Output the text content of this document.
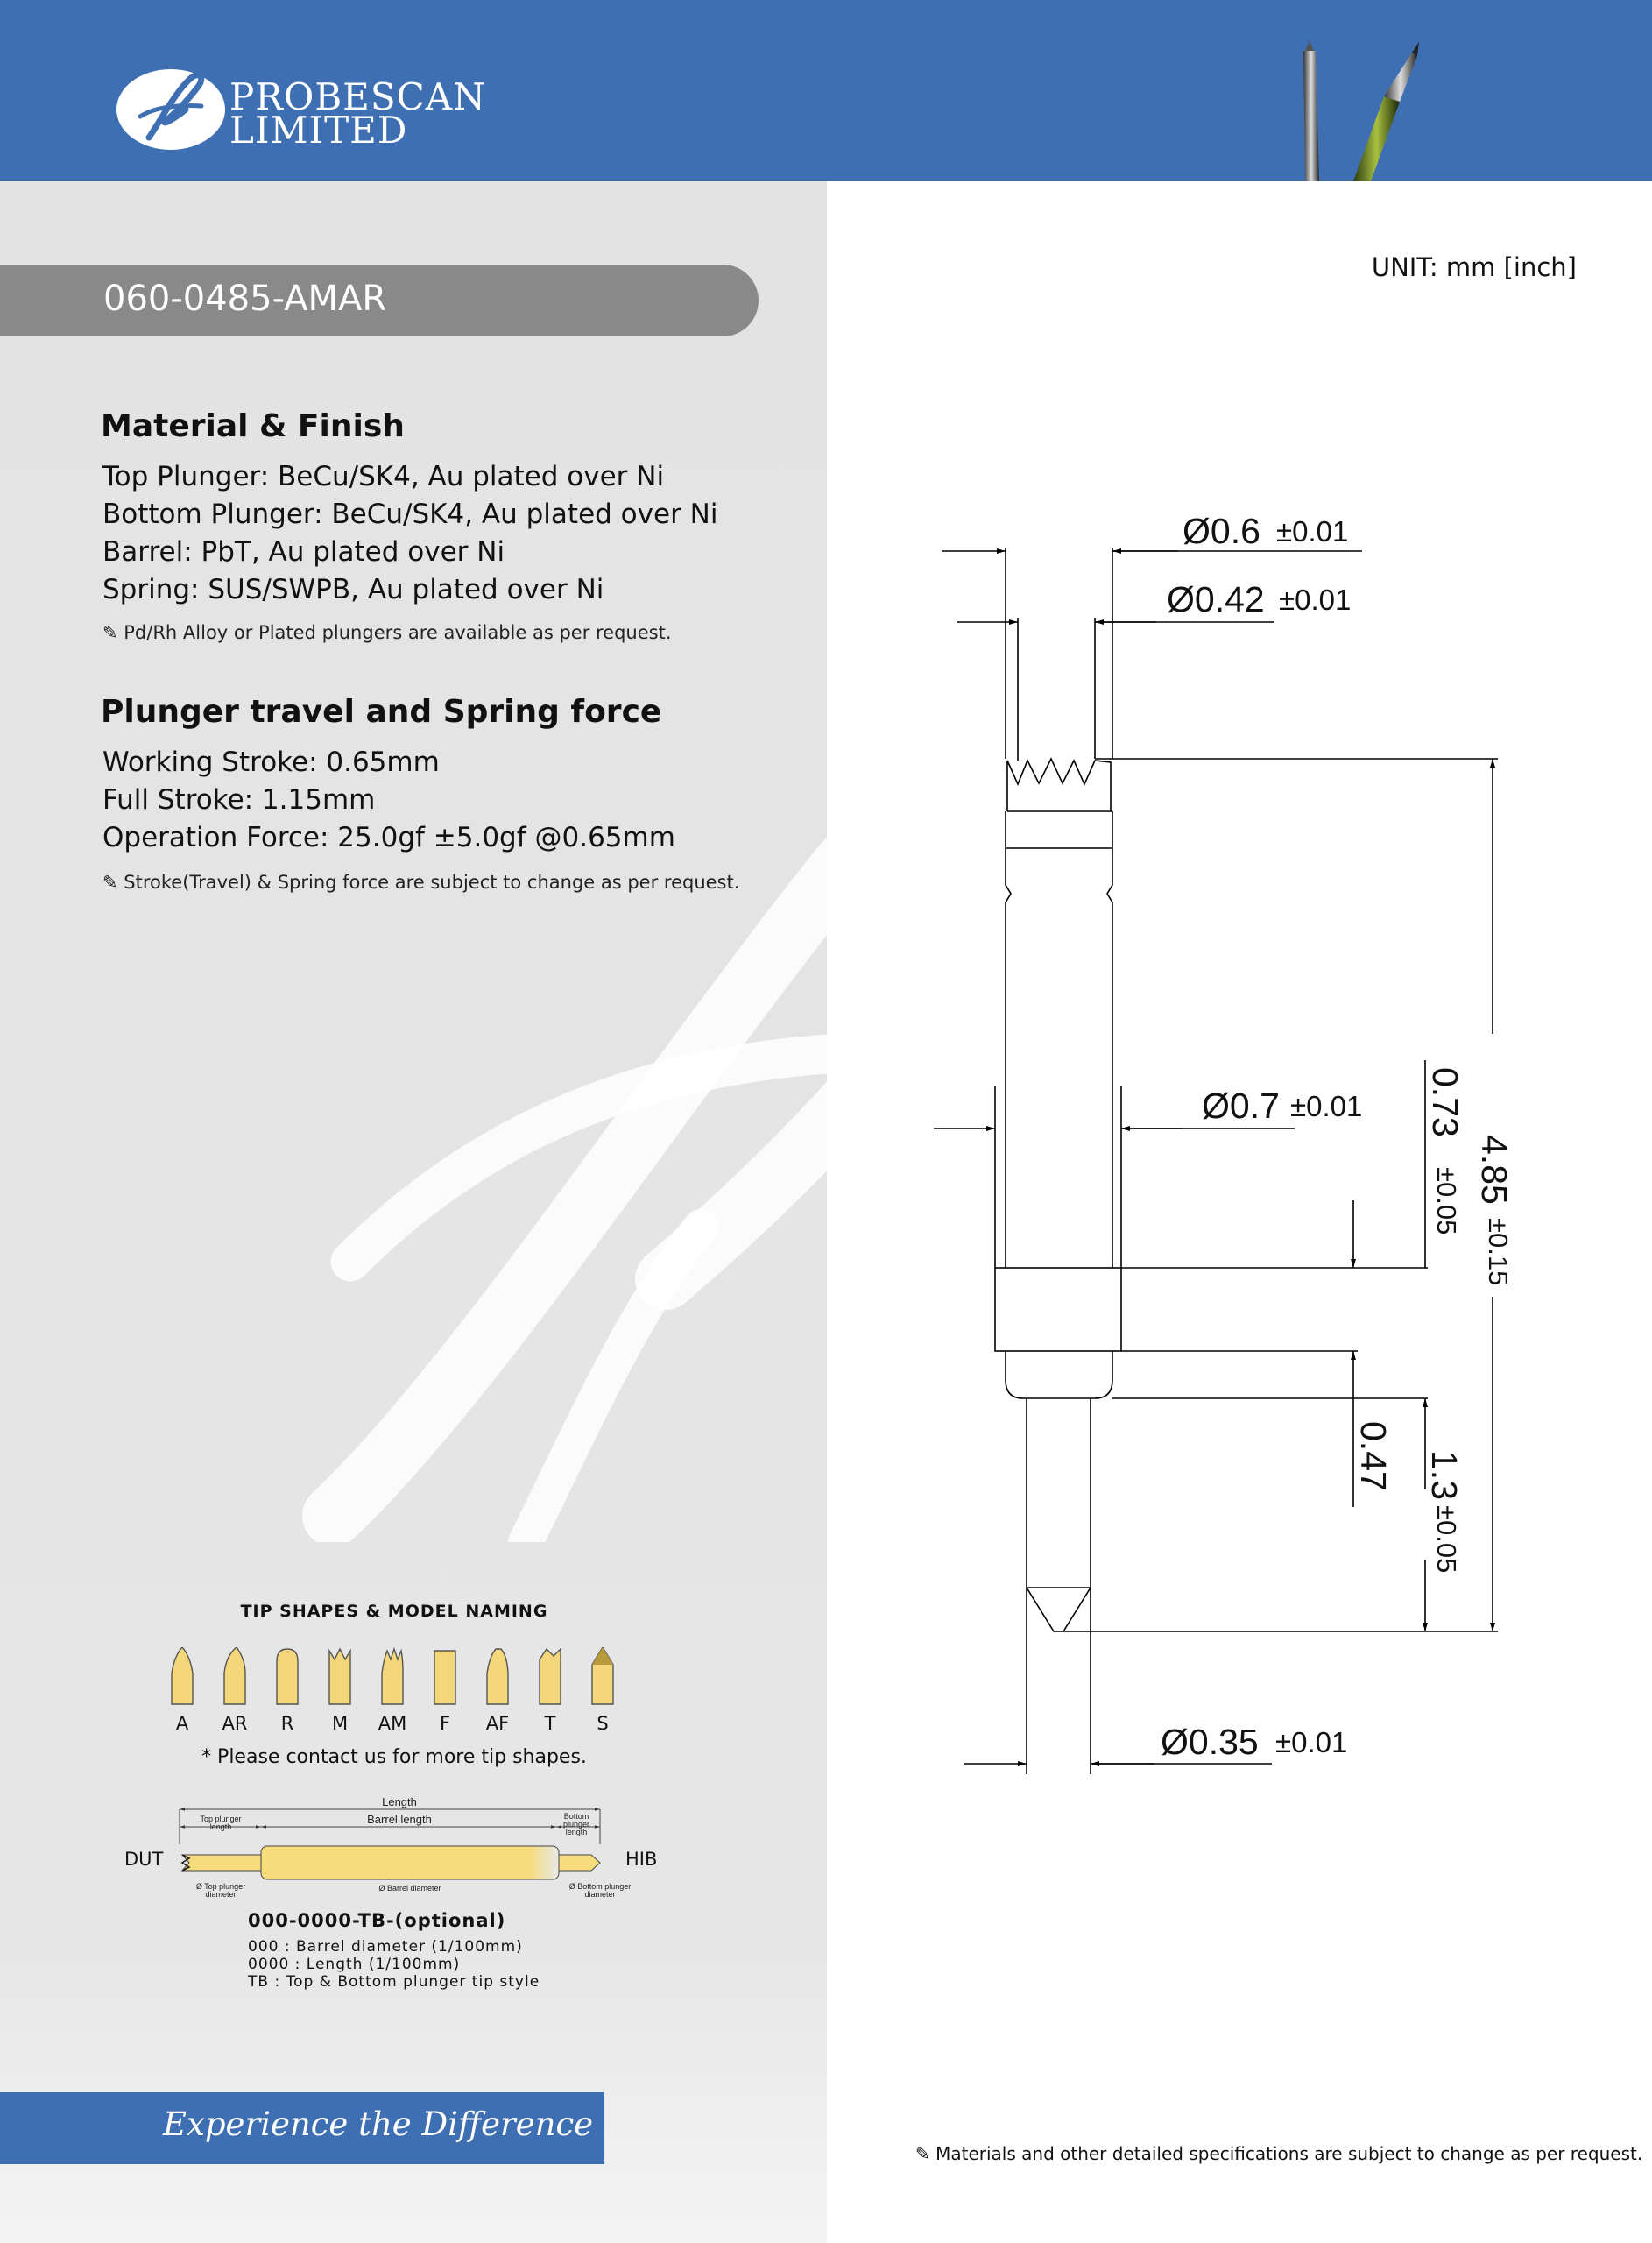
PROBESCAN
LIMITED
060-0485-AMAR
UNIT: mm [inch]
Material & Finish
Top Plunger: BeCu/SK4, Au plated over Ni
Bottom Plunger: BeCu/SK4, Au plated over Ni
Barrel: PbT, Au plated over Ni
Spring: SUS/SWPB, Au plated over Ni
✎ Pd/Rh Alloy or Plated plungers are available as per request.
Plunger travel and Spring force
Working Stroke: 0.65mm
Full Stroke: 1.15mm
Operation Force: 25.0gf ±5.0gf @0.65mm
✎ Stroke(Travel) & Spring force are subject to change as per request.
Ø0.6 ±0.01
Ø0.42 ±0.01
Ø0.7 ±0.01
Ø0.35 ±0.01
4.85
±0.15
0.73
±0.05
0.47 1.3
±0.05
TIP SHAPES & MODEL NAMING
A	AR	R	M	AM	F	AF	T	S
* Please contact us for more tip shapes.
Length
Top plunger
length
Barrel length	Bottom
plunger
length
Ø Top plunger
diameter
Ø Barrel diameter	Ø Bottom plunger
diameter
DUT	HIB
000-0000-TB-(optional)
000 : Barrel diameter (1/100mm)
0000 : Length (1/100mm)
TB : Top & Bottom plunger tip style
Experience the Difference
✎ Materials and other detailed specifications are subject to change as per request.
